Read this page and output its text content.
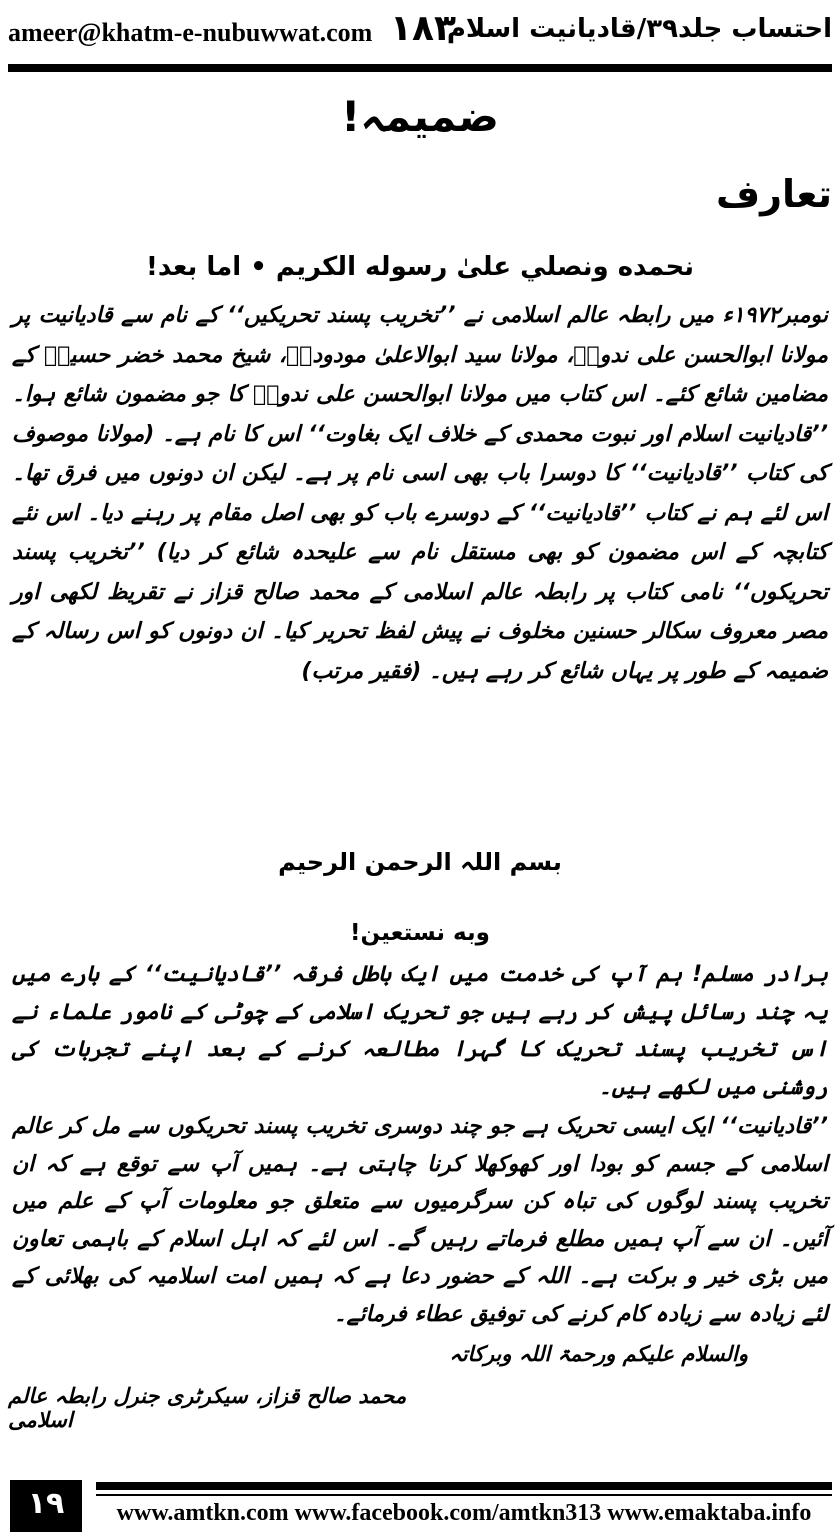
ameer@khatm-e-nubuwwat.com ١٨٣
احتساب جلد۳۹/قادیانیت اسلام
ضمیمہ!
تعارف
نحمده ونصلي علىٰ رسوله الكريم • اما بعد!
نومبر۱۹۷۲ء میں رابطہ عالم اسلامی نے ’’تخریب پسند تحریکیں‘‘ کے نام سے قادیانیت پر مولانا ابوالحسن علی ندویؒ، مولانا سید ابوالاعلیٰ مودودیؒ، شیخ محمد خضر حسینؒ کے مضامین شائع کئے۔ اس کتاب میں مولانا ابوالحسن علی ندویؒ کا جو مضمون شائع ہوا۔ ’’قادیانیت اسلام اور نبوت محمدی کے خلاف ایک بغاوت‘‘ اس کا نام ہے۔ (مولانا موصوف کی کتاب ’’قادیانیت‘‘ کا دوسرا باب بھی اسی نام پر ہے۔ لیکن ان دونوں میں فرق تھا۔ اس لئے ہم نے کتاب ’’قادیانیت‘‘ کے دوسرے باب کو بھی اصل مقام پر رہنے دیا۔ اس نئے کتابچہ کے اس مضمون کو بھی مستقل نام سے علیحدہ شائع کر دیا) ’’تخریب پسند تحریکوں‘‘ نامی کتاب پر رابطہ عالم اسلامی کے محمد صالح قزاز نے تقریظ لکھی اور مصر معروف سکالر حسنین مخلوف نے پیش لفظ تحریر کیا۔ ان دونوں کو اس رسالہ کے ضمیمہ کے طور پر یہاں شائع کر رہے ہیں۔ (فقیر مرتب)
بسم اللہ الرحمن الرحیم
وبه نستعين!
برادر مسلم! ہم آپ کی خدمت میں ایک باطل فرقہ ’’قادیانیت‘‘ کے بارے میں یہ چند رسائل پیش کر رہے ہیں جو تحریک اسلامی کے چوٹی کے نامور علماء نے اس تخریب پسند تحریک کا گہرا مطالعہ کرنے کے بعد اپنے تجربات کی روشنی میں لکھے ہیں۔
’’قادیانیت‘‘ ایک ایسی تحریک ہے جو چند دوسری تخریب پسند تحریکوں سے مل کر عالم اسلامی کے جسم کو بودا اور کھوکھلا کرنا چاہتی ہے۔ ہمیں آپ سے توقع ہے کہ ان تخریب پسند لوگوں کی تباہ کن سرگرمیوں سے متعلق جو معلومات آپ کے علم میں آئیں۔ ان سے آپ ہمیں مطلع فرماتے رہیں گے۔ اس لئے کہ اہل اسلام کے باہمی تعاون میں بڑی خیر و برکت ہے۔ اللہ کے حضور دعا ہے کہ ہمیں امت اسلامیہ کی بھلائی کے لئے زیادہ سے زیادہ کام کرنے کی توفیق عطاء فرمائے۔
والسلام علیکم ورحمۃ اللہ وبرکاتہ
محمد صالح قزاز، سیکرٹری جنرل رابطہ عالم اسلامی
١٩	www.amtkn.com www.facebook.com/amtkn313 www.emaktaba.info
